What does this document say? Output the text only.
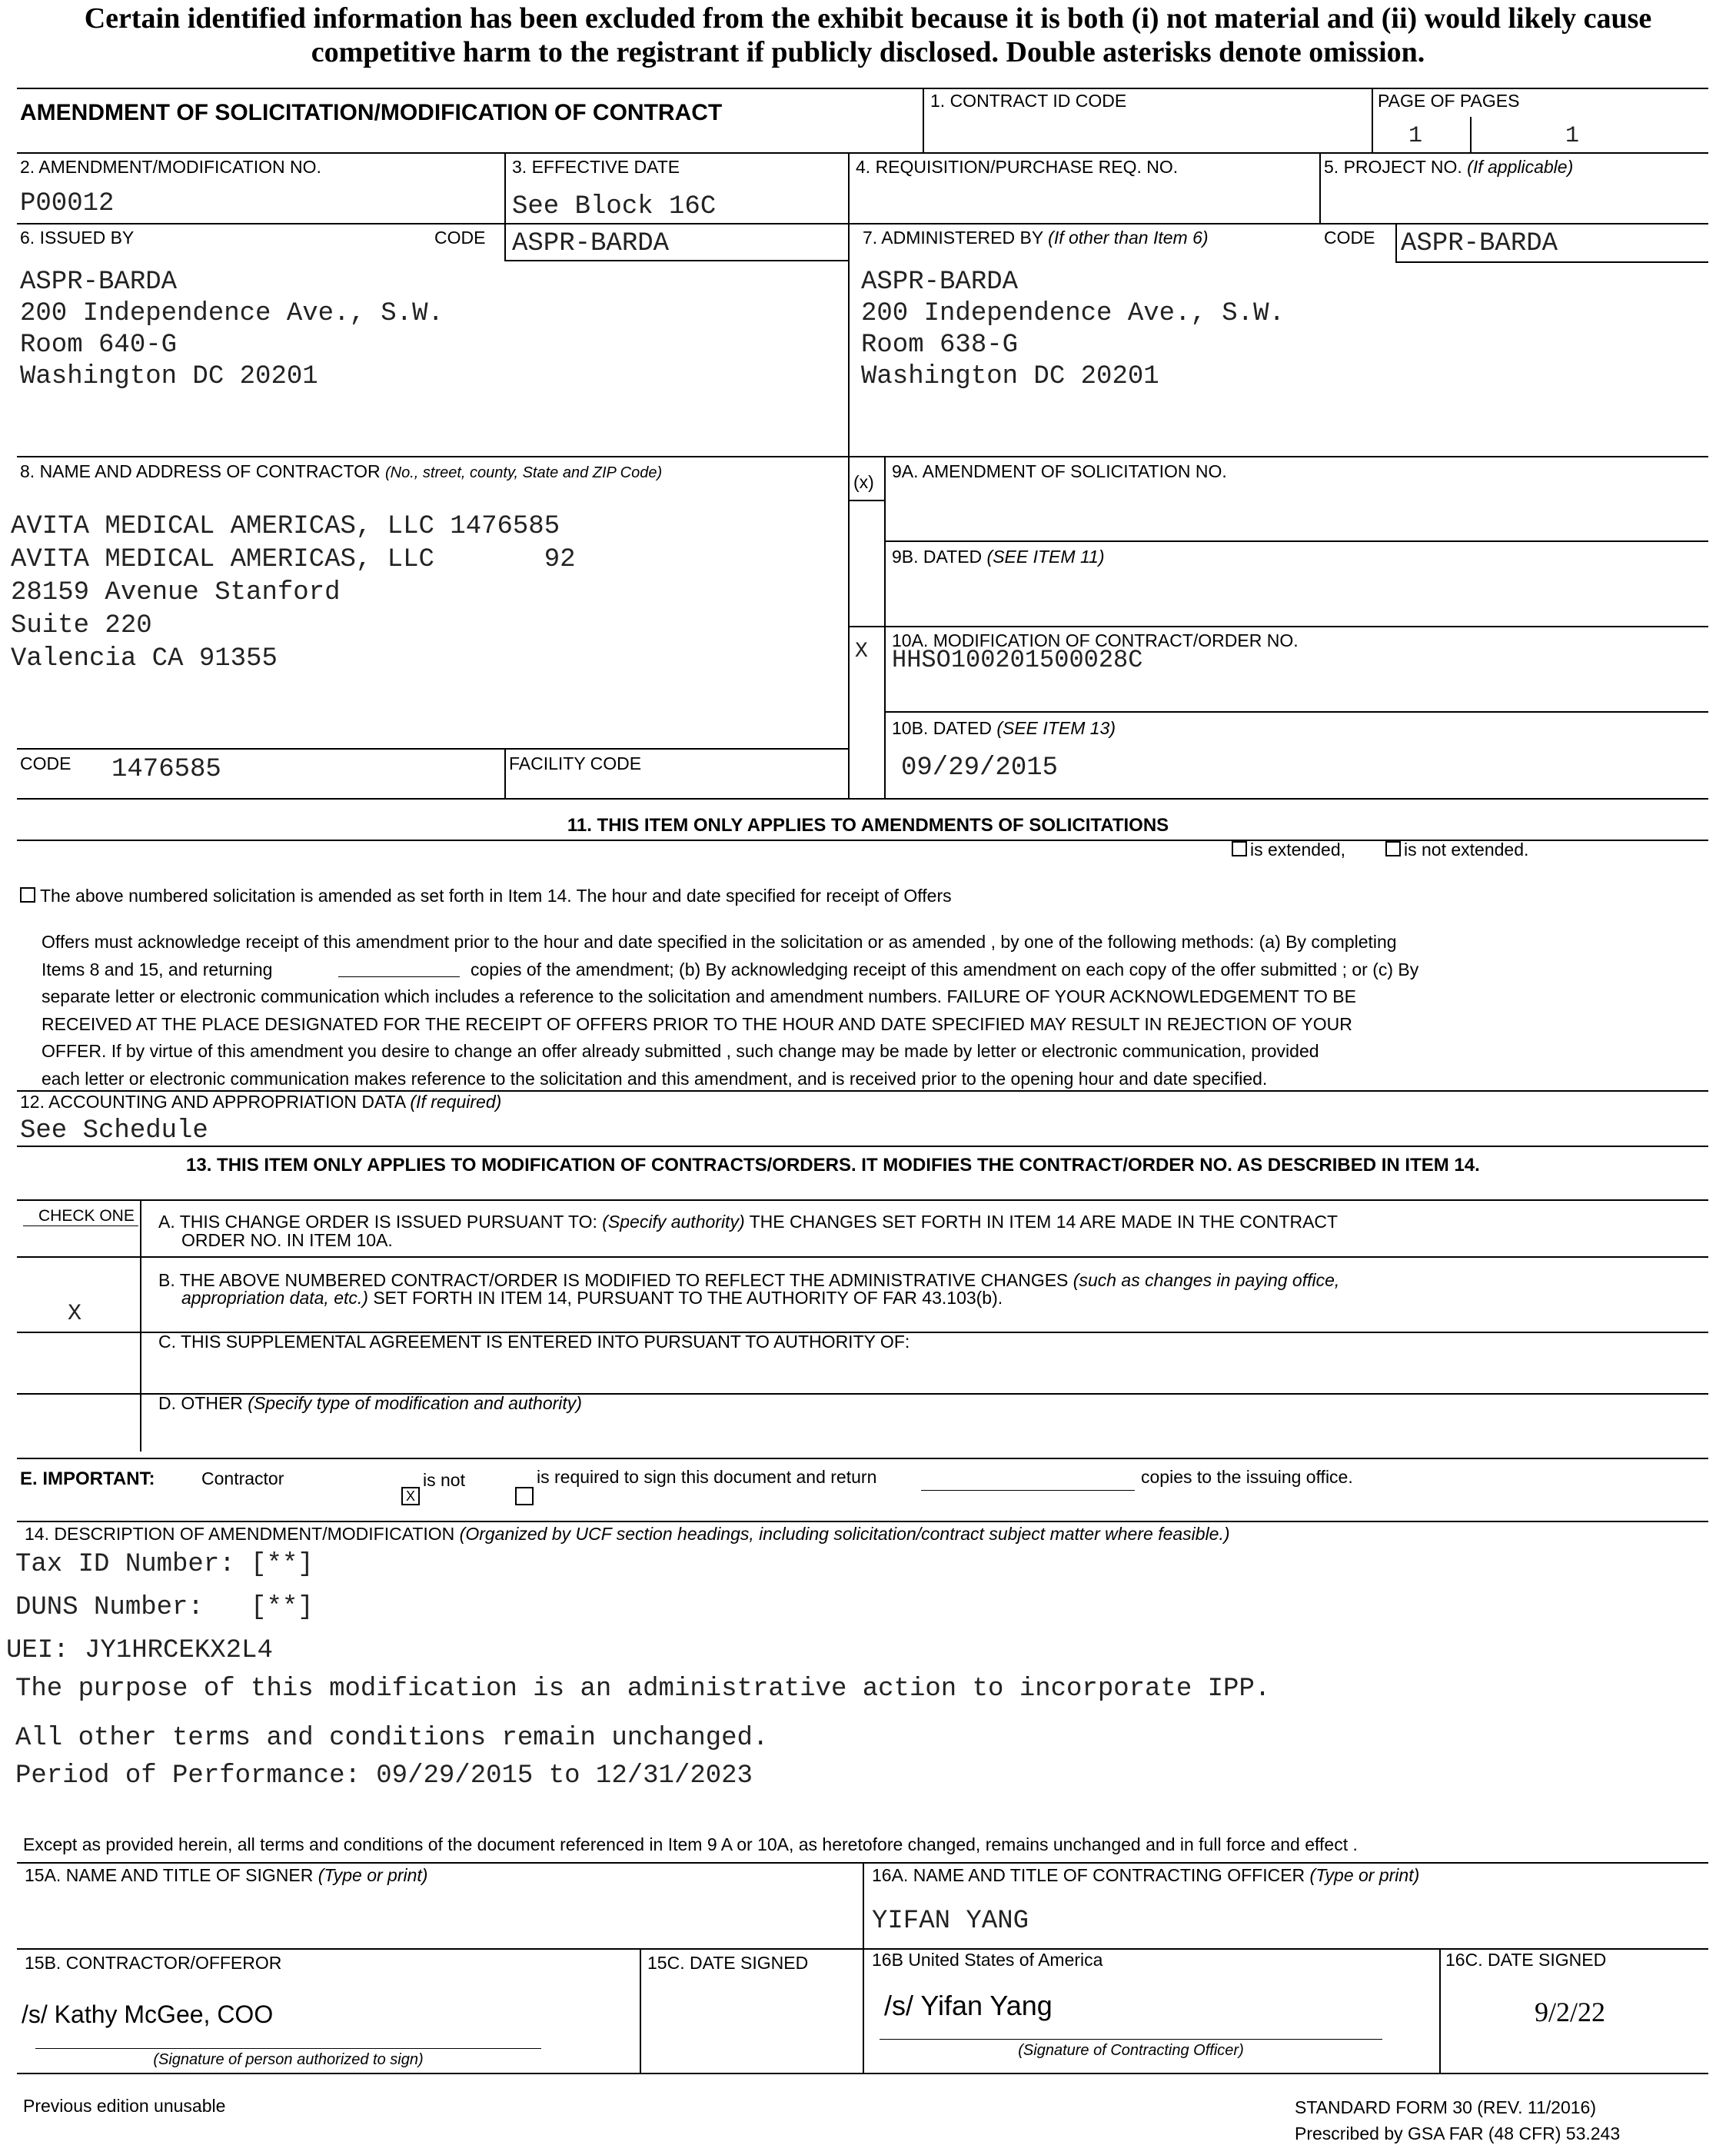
Certain identified information has been excluded from the exhibit because it is both (i) not material and (ii) would likely cause
competitive harm to the registrant if publicly disclosed. Double asterisks denote omission.
AMENDMENT OF SOLICITATION/MODIFICATION OF CONTRACT	1. CONTRACT ID CODE	PAGE OF PAGES
1	1
2. AMENDMENT/MODIFICATION NO.
P00012
3. EFFECTIVE DATE
See Block 16C
4. REQUISITION/PURCHASE REQ. NO.	5. PROJECT NO. (If applicable)
6. ISSUED BY	CODE ASPR-BARDA
ASPR-BARDA
200 Independence Ave., S.W.
Room 640-G
Washington DC 20201
7. ADMINISTERED BY (If other than Item 6)	CODE ASPR-BARDA
ASPR-BARDA
200 Independence Ave., S.W.
Room 638-G
Washington DC 20201
8. NAME AND ADDRESS OF CONTRACTOR (No., street, county, State and ZIP Code)
AVITA MEDICAL AMERICAS, LLC 1476585
AVITA MEDICAL AMERICAS, LLC       92
28159 Avenue Stanford
Suite 220
Valencia CA 91355
CODE 1476585	FACILITY CODE
(x)
9A. AMENDMENT OF SOLICITATION NO.
9B. DATED (SEE ITEM 11)
X 10A. MODIFICATION OF CONTRACT/ORDER NO.
HHSO100201500028C
10B. DATED (SEE ITEM 13)
09/29/2015
11. THIS ITEM ONLY APPLIES TO AMENDMENTS OF SOLICITATIONS
is extended,	is not extended.
The above numbered solicitation is amended as set forth in Item 14. The hour and date specified for receipt of Offers
Offers must acknowledge receipt of this amendment prior to the hour and date specified in the solicitation or as amended , by one of the following methods: (a) By completing
Items 8 and 15, and returning	copies of the amendment; (b) By acknowledging receipt of this amendment on each copy of the offer submitted ; or (c) By
separate letter or electronic communication which includes a reference to the solicitation and amendment numbers. FAILURE OF YOUR ACKNOWLEDGEMENT TO BE
RECEIVED AT THE PLACE DESIGNATED FOR THE RECEIPT OF OFFERS PRIOR TO THE HOUR AND DATE SPECIFIED MAY RESULT IN REJECTION OF YOUR
OFFER. If by virtue of this amendment you desire to change an offer already submitted , such change may be made by letter or electronic communication, provided
each letter or electronic communication makes reference to the solicitation and this amendment, and is received prior to the opening hour and date specified.
12. ACCOUNTING AND APPROPRIATION DATA (If required)
See Schedule
13. THIS ITEM ONLY APPLIES TO MODIFICATION OF CONTRACTS/ORDERS. IT MODIFIES THE CONTRACT/ORDER NO. AS DESCRIBED IN ITEM 14.
CHECK ONE A. THIS CHANGE ORDER IS ISSUED PURSUANT TO: (Specify authority) THE CHANGES SET FORTH IN ITEM 14 ARE MADE IN THE CONTRACT
ORDER NO. IN ITEM 10A.
B. THE ABOVE NUMBERED CONTRACT/ORDER IS MODIFIED TO REFLECT THE ADMINISTRATIVE CHANGES (such as changes in paying office,
appropriation data, etc.) SET FORTH IN ITEM 14, PURSUANT TO THE AUTHORITY OF FAR 43.103(b).
X
C. THIS SUPPLEMENTAL AGREEMENT IS ENTERED INTO PURSUANT TO AUTHORITY OF:
D. OTHER (Specify type of modification and authority)
E. IMPORTANT:	Contractor
X
is not	is required to sign this document and return	copies to the issuing office.
14. DESCRIPTION OF AMENDMENT/MODIFICATION (Organized by UCF section headings, including solicitation/contract subject matter where feasible.)
Tax ID Number: [**]
DUNS Number:   [**]
UEI: JY1HRCEKX2L4
The purpose of this modification is an administrative action to incorporate IPP.
All other terms and conditions remain unchanged.
Period of Performance: 09/29/2015 to 12/31/2023
Except as provided herein, all terms and conditions of the document referenced in Item 9 A or 10A, as heretofore changed, remains unchanged and in full force and effect .
15A. NAME AND TITLE OF SIGNER (Type or print)	16A. NAME AND TITLE OF CONTRACTING OFFICER (Type or print)
YIFAN YANG
15B. CONTRACTOR/OFFEROR
/s/ Kathy McGee, COO
(Signature of person authorized to sign)
15C. DATE SIGNED	16B United States of America
/s/ Yifan Yang
(Signature of Contracting Officer)
16C. DATE SIGNED
9/2/22
Previous edition unusable	STANDARD FORM 30 (REV. 11/2016)
Prescribed by GSA FAR (48 CFR) 53.243
